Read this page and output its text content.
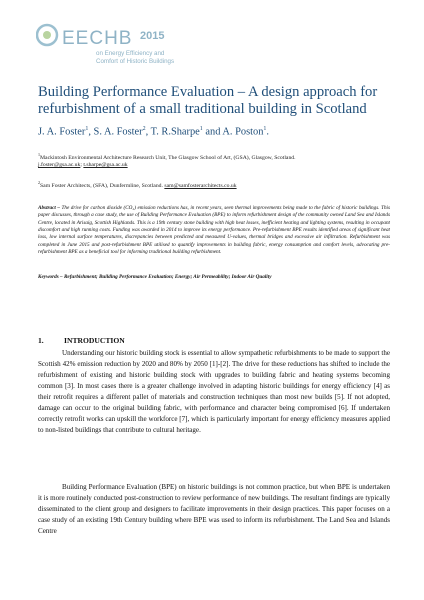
EECHB 2015
on Energy Efficiency and
Comfort of Historic Buildings
Building Performance Evaluation – A design approach for refurbishment of a small traditional building in Scotland
J. A. Foster$^1$, S. A. Foster$^2$, T. R.Sharpe$^1$ and A. Poston$^1$.
$^1$Mackintosh Environmental Architecture Research Unit, The Glasgow School of Art, (GSA), Glasgow, Scotland.
j.foster@gsa.ac.uk; t.sharpe@gsa.ac.uk
$^2$Sam Foster Architects, (SFA), Dunfermline, Scotland. sam@samfosterarchitects.co.uk

Abstract – The drive for carbon dioxide (CO₂) emission reductions has, in recent years, seen thermal improvements being made to the fabric of historic buildings. This paper discusses, through a case study, the use of Building Performance Evaluation (BPE) to inform refurbishment design of the community owned Land Sea and Islands Centre, located in Arisaig, Scottish Highlands. This is a 19th century stone building with high heat losses, inefficient heating and lighting systems, resulting in occupant discomfort and high running costs. Funding was awarded in 2014 to improve its energy performance. Pre-refurbishment BPE results identified areas of significant heat loss, low internal surface temperatures, discrepancies between predicted and measured U-values, thermal bridges and excessive air infiltration. Refurbishment was completed in June 2015 and post-refurbishment BPE utilised to quantify improvements in building fabric, energy consumption and comfort levels, advocating pre-refurbishment BPE as a beneficial tool for informing traditional building refurbishment.

Keywords – Refurbishment; Building Performance Evaluation; Energy; Air Permeability; Indoor Air Quality
1.	INTRODUCTION

Understanding our historic building stock is essential to allow sympathetic refurbishments to be made to support the Scottish 42% emission reduction by 2020 and 80% by 2050 [1]-[2]. The drive for these reductions has shifted to include the refurbishment of existing and historic building stock with upgrades to building fabric and heating systems becoming common [3]. In most cases there is a greater challenge involved in adapting historic buildings for energy efficiency [4] as their retrofit requires a different pallet of materials and construction techniques than most new builds [5]. If not adopted, damage can occur to the original building fabric, with performance and character being compromised [6]. If undertaken correctly retrofit works can upskill the workforce [7], which is particularly important for energy efficiency measures applied to non-listed buildings that contribute to cultural heritage.

Building Performance Evaluation (BPE) on historic buildings is not common practice, but when BPE is undertaken it is more routinely conducted post-construction to review performance of new buildings. The resultant findings are typically disseminated to the client group and designers to facilitate improvements in their design practices. This paper focuses on a case study of an existing 19th Century building where BPE was used to inform its refurbishment. The Land Sea and Islands Centre
